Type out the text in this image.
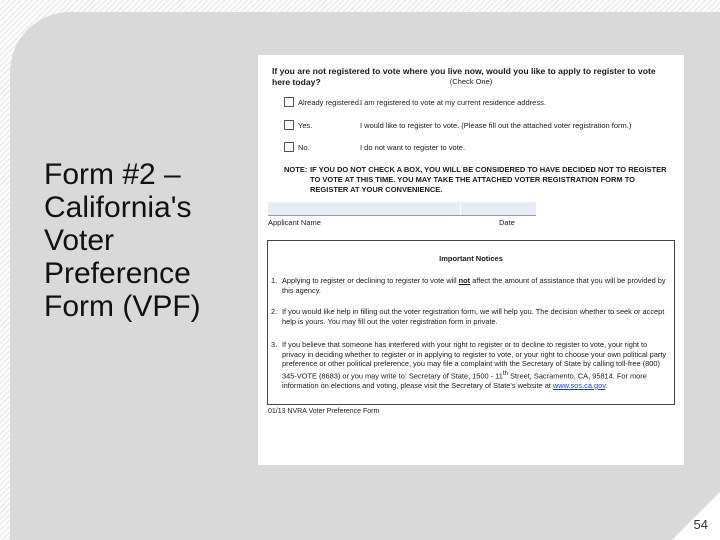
Form #2 –
California's
Voter
Preference
Form (VPF)
If you are not registered to vote where you live now, would you like to apply to register to vote here today?	(Check One)
Already registered. I am registered to vote at my current residence address.
Yes.	I would like to register to vote. (Please fill out the attached voter registration form.)
No.	I do not want to register to vote.
NOTE: IF YOU DO NOT CHECK A BOX, YOU WILL BE CONSIDERED TO HAVE DECIDED NOT TO REGISTER TO VOTE AT THIS TIME. YOU MAY TAKE THE ATTACHED VOTER REGISTRATION FORM TO REGISTER AT YOUR CONVENIENCE.
Applicant Name	Date
Important Notices
1. Applying to register or declining to register to vote will not affect the amount of assistance that you will be provided by this agency.
2. If you would like help in filling out the voter registration form, we will help you. The decision whether to seek or accept help is yours. You may fill out the voter registration form in private.
3. If you believe that someone has interfered with your right to register or to decline to register to vote, your right to privacy in deciding whether to register or in applying to register to vote, or your right to choose your own political party preference or other political preference, you may file a complaint with the Secretary of State by calling toll-free (800) 345-VOTE (8683) or you may write to: Secretary of State, 1500 - 11th Street, Sacramento, CA, 95814. For more information on elections and voting, please visit the Secretary of State's website at www.sos.ca.gov.
01/13 NVRA Voter Preference Form
54
